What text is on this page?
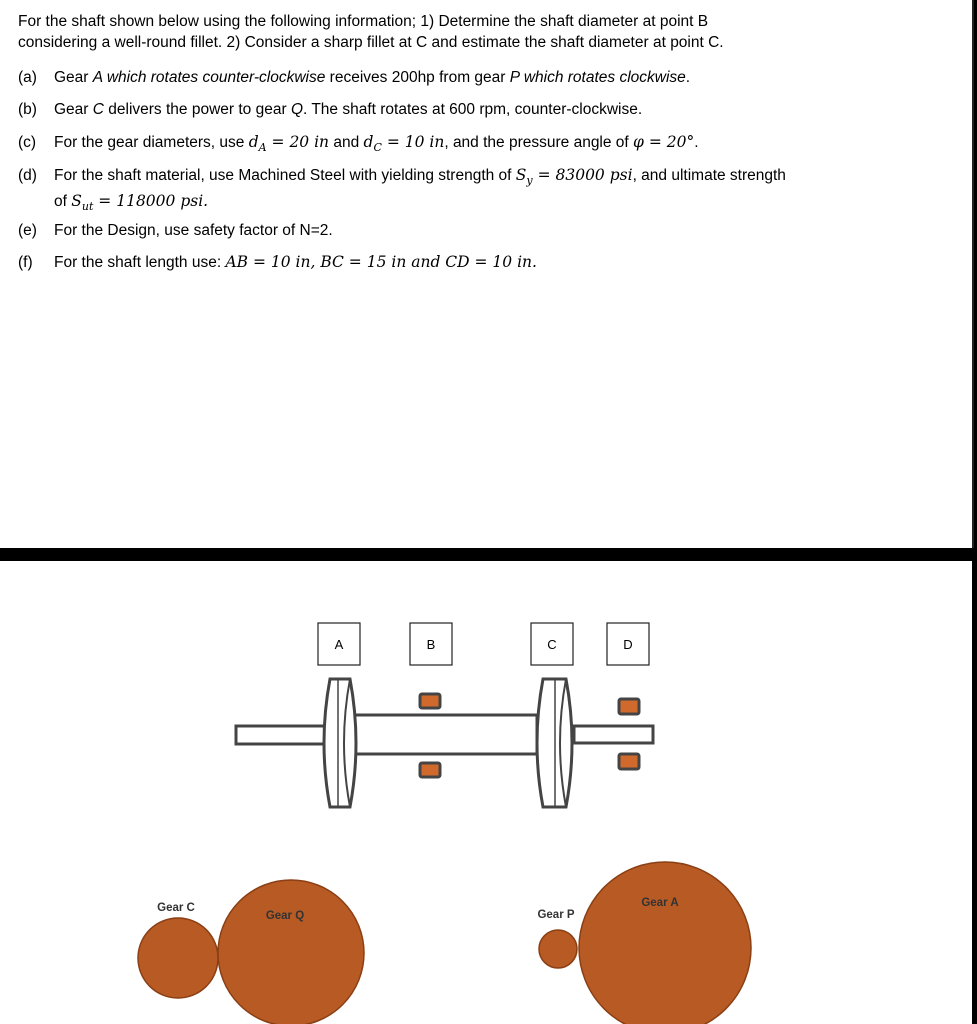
For the shaft shown below using the following information; 1) Determine the shaft diameter at point B
considering a well-round fillet. 2) Consider a sharp fillet at C and estimate the shaft diameter at point C.
(a) Gear A which rotates counter-clockwise receives 200hp from gear P which rotates clockwise.
(b) Gear C delivers the power to gear Q. The shaft rotates at 600 rpm, counter-clockwise.
(c) For the gear diameters, use $d_A = 20$ in and $d_C = 10$ in, and the pressure angle of φ = 20°.
(d) For the shaft material, use Machined Steel with yielding strength of $S_y = 83000$ psi, and ultimate strength
of $S_{ut} = 118000$ psi.
(e) For the Design, use safety factor of N=2.
(f) For the shaft length use: AB = 10 in, BC = 15 in and CD = 10 in.
A	B	C	D
Gear C
Gear Q	Gear P
Gear A
